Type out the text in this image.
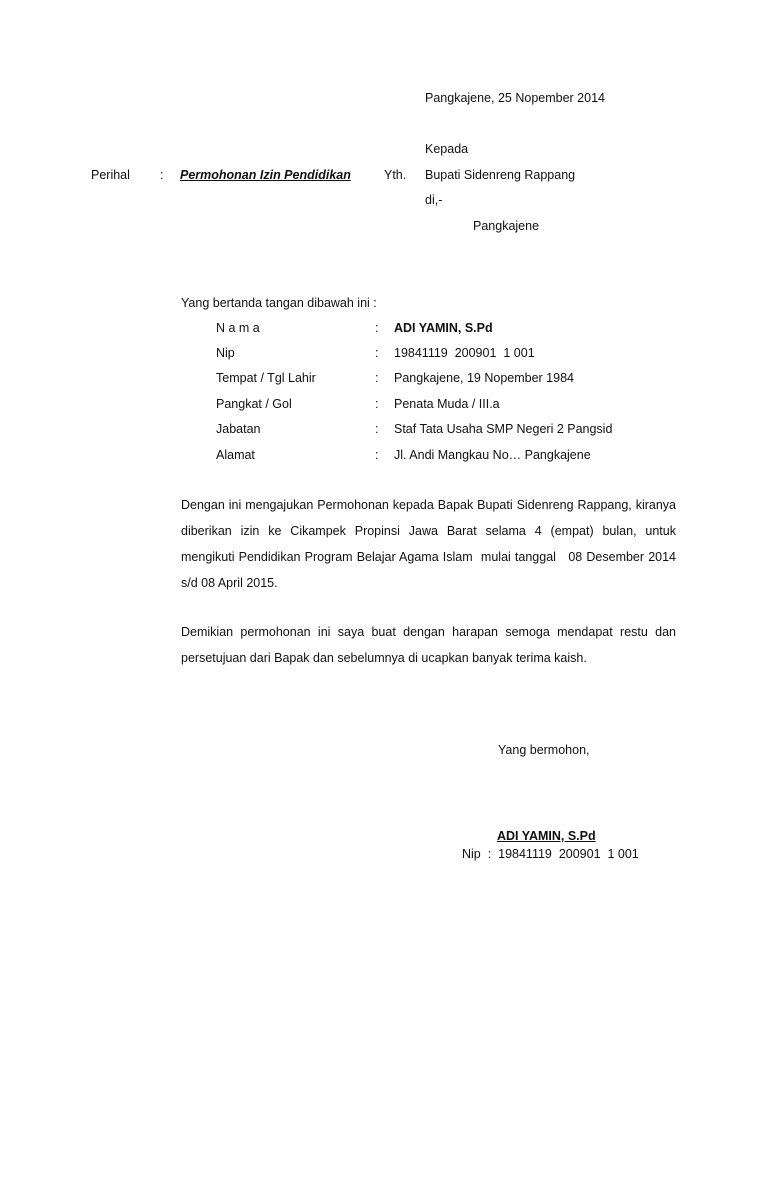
Pangkajene, 25 Nopember 2014
Kepada
Perihal : Permohonan Izin Pendidikan	Yth. Bupati Sidenreng Rappang
di,-
Pangkajene
Yang bertanda tangan dibawah ini :
N a m a	: ADI YAMIN, S.Pd
Nip	: 19841119  200901  1 001
Tempat / Tgl Lahir	: Pangkajene, 19 Nopember 1984
Pangkat / Gol	: Penata Muda / III.a
Jabatan	: Staf Tata Usaha SMP Negeri 2 Pangsid
Alamat	: Jl. Andi Mangkau No… Pangkajene
Dengan ini mengajukan Permohonan kepada Bapak Bupati Sidenreng Rappang, kiranya
diberikan izin ke Cikampek Propinsi Jawa Barat selama 4 (empat) bulan, untuk
mengikuti Pendidikan Program Belajar Agama Islam  mulai tanggal   08 Desember 2014
s/d 08 April 2015.
Demikian permohonan ini saya buat dengan harapan semoga mendapat restu dan
persetujuan dari Bapak dan sebelumnya di ucapkan banyak terima kaish.
Yang bermohon,
ADI YAMIN, S.Pd
Nip  :  19841119  200901  1 001
